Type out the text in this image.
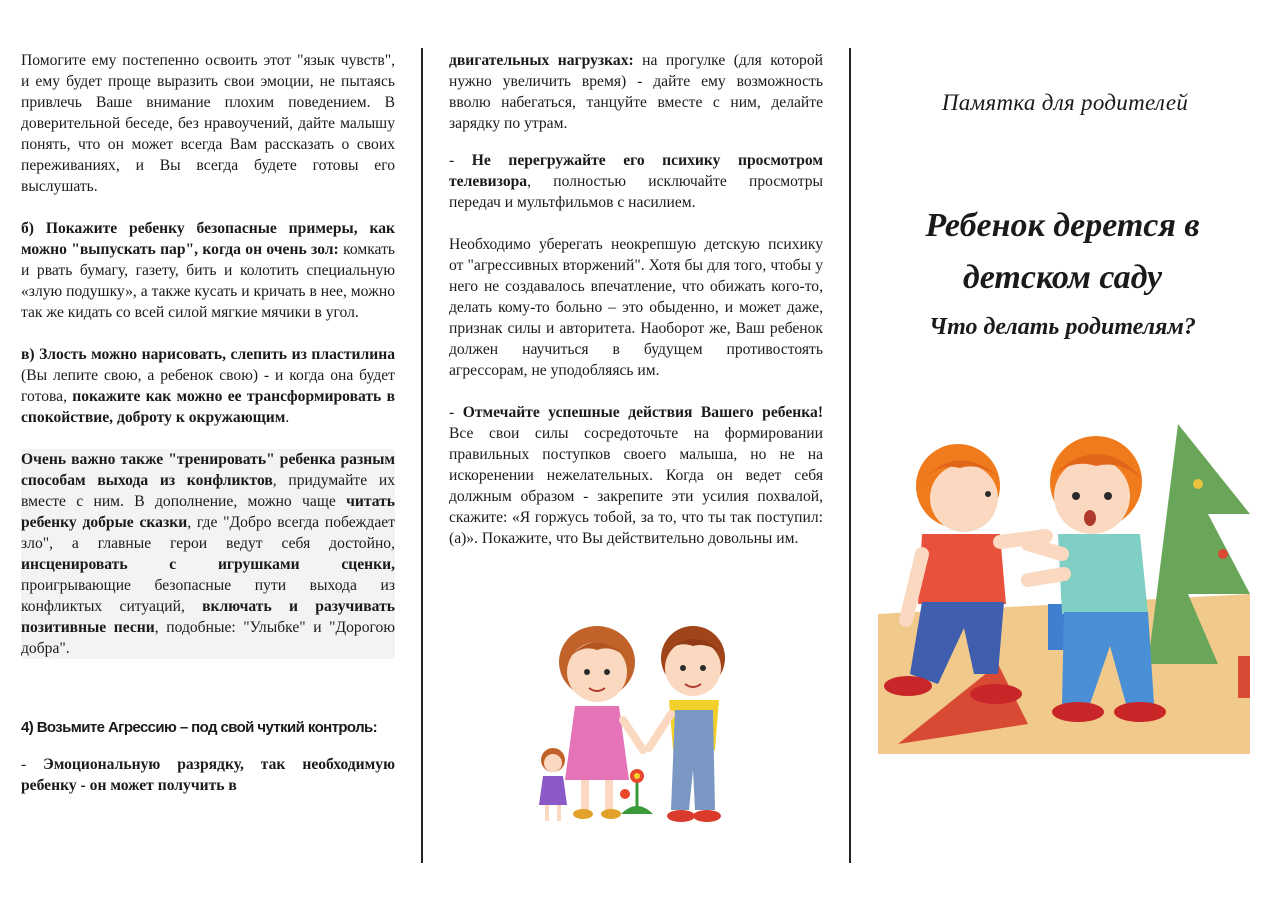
Помогите ему постепенно освоить этот "язык чувств", и ему будет проще выразить свои эмоции, не пытаясь привлечь Ваше внимание плохим поведением. В доверительной беседе, без нравоучений, дайте малышу понять, что он может всегда Вам рассказать о своих переживаниях, и Вы всегда будете готовы его выслушать.

б) Покажите ребенку безопасные примеры, как можно "выпускать пар", когда он очень зол: комкать и рвать бумагу, газету, бить и колотить специальную «злую подушку», а также кусать и кричать в нее, можно так же кидать со всей силой мягкие мячики в угол.

в) Злость можно нарисовать, слепить из пластилина (Вы лепите свою, а ребенок свою) - и когда она будет готова, покажите как можно ее трансформировать в спокойствие, доброту к окружающим.

Очень важно также "тренировать" ребенка разным способам выхода из конфликтов, придумайте их вместе с ним. В дополнение, можно чаще читать ребенку добрые сказки, где "Добро всегда побеждает зло", а главные герои ведут себя достойно, инсценировать с игрушками сценки, проигрывающие безопасные пути выхода из конфликтых ситуаций, включать и разучивать позитивные песни, подобные: "Улыбке" и "Дорогою добра".

4) Возьмите Агрессию – под свой чуткий контроль:

- Эмоциональную разрядку, так необходимую ребенку - он может получить в

двигательных нагрузках: на прогулке (для которой нужно увеличить время) - дайте ему возможность вволю набегаться, танцуйте вместе с ним, делайте зарядку по утрам.

- Не перегружайте его психику просмотром телевизора, полностью исключайте просмотры передач и мультфильмов с насилием.

Необходимо уберегать неокрепшую детскую психику от "агрессивных вторжений". Хотя бы для того, чтобы у него не создавалось впечатление, что обижать кого-то, делать кому-то больно – это обыденно, и может даже, признак силы и авторитета. Наоборот же, Ваш ребенок должен научиться в будущем противостоять агрессорам, не уподобляясь им.

- Отмечайте успешные действия Вашего ребенка! Все свои силы сосредоточьте на формировании правильных поступков своего малыша, но не на искоренении нежелательных. Когда он ведет себя должным образом - закрепите эти усилия похвалой, скажите: «Я горжусь тобой, за то, что ты так поступил:(а)». Покажите, что Вы действительно довольны им.

Памятка для родителей
Ребенок дерется в детском саду
Что делать родителям?
